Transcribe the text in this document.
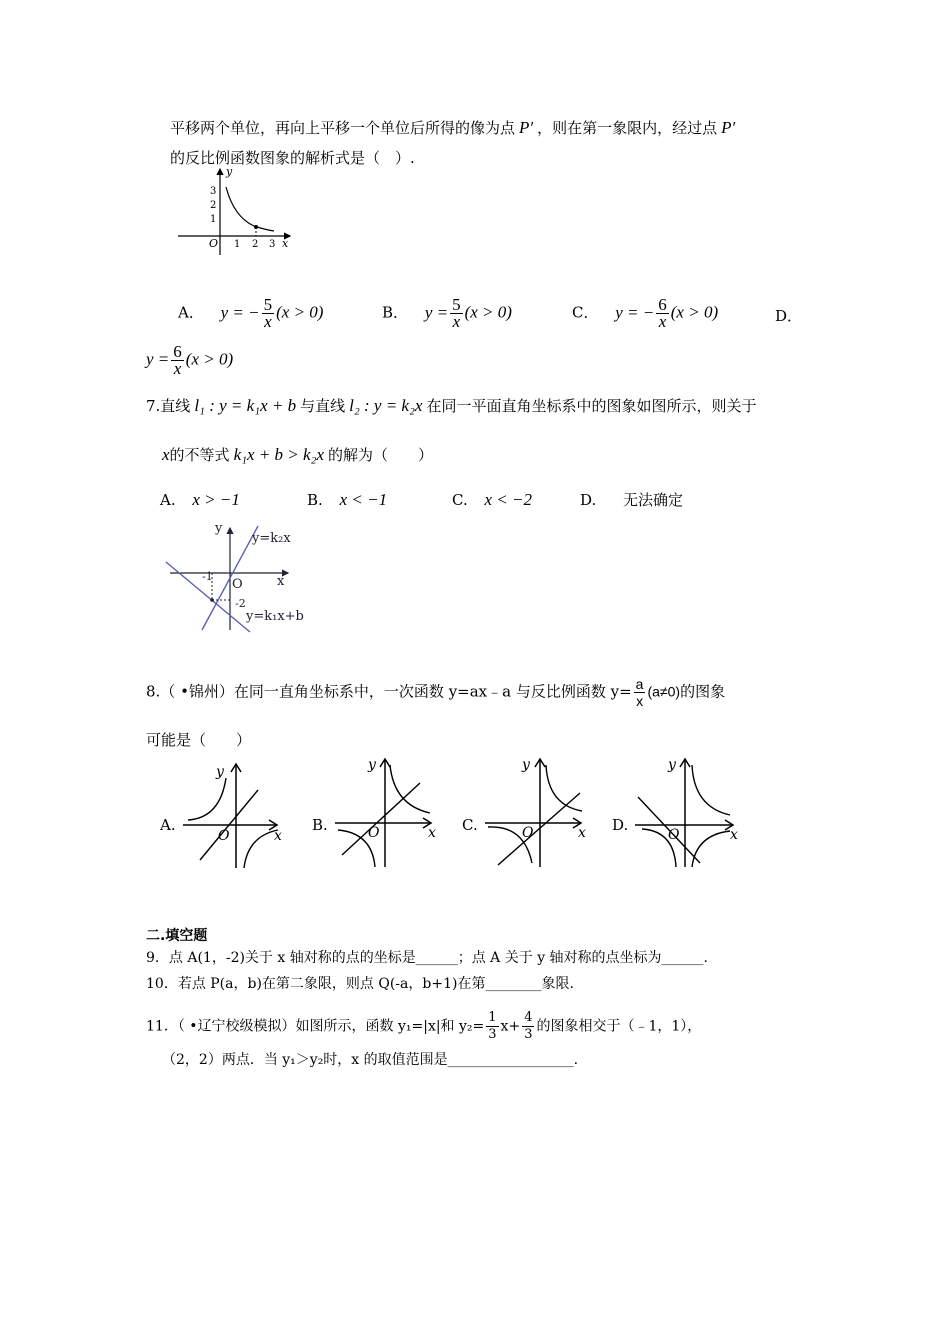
平移两个单位，再向上平移一个单位后所得的像为点 P′ ，则在第一象限内，经过点 P′
的反比例函数图象的解析式是（　）.
y
x
O 1 2 3
3
2
1
A． y = − $\frac{5}{x} (x > 0)$	B． $y = \frac{5}{x} (x > 0)$	C． y = − $\frac{6}{x} (x > 0)$	D．
$y = \frac{6}{x} (x > 0)$
7.直线 l₁ : y = k₁x + b 与直线 l₂ : y = k₂x 在同一平面直角坐标系中的图象如图所示，则关于
x的不等式 k₁x + b > k₂x 的解为（　　）
A. x > −1	B. x < −1	C. x < −2	D. 无法确定
y
x
O
-1
-2
y=k₂x
y=k₁x+b
8.（ •锦州）在同一直角坐标系中，一次函数 y=ax﹣a 与反比例函数 $y= \frac{a}{x} (a\ne 0)$的图象
可能是（　　）
A.
y
x
O
B.
y
x
O	C.
y
x
O	D.
y
x
O
二.填空题
9．点 A(1，-2)关于 x 轴对称的点的坐标是______；点 A 关于 y 轴对称的点坐标为______.
10．若点 P(a，b)在第二象限，则点 Q(-a，b+1)在第________象限.
11．（ •辽宁校级模拟）如图所示，函数 y₁=|x|和 $y_2= \frac{1}{3} x+ \frac{4}{3}$ 的图象相交于（﹣1，1），
（2，2）两点．当 y₁＞y₂时，x 的取值范围是__________________.
